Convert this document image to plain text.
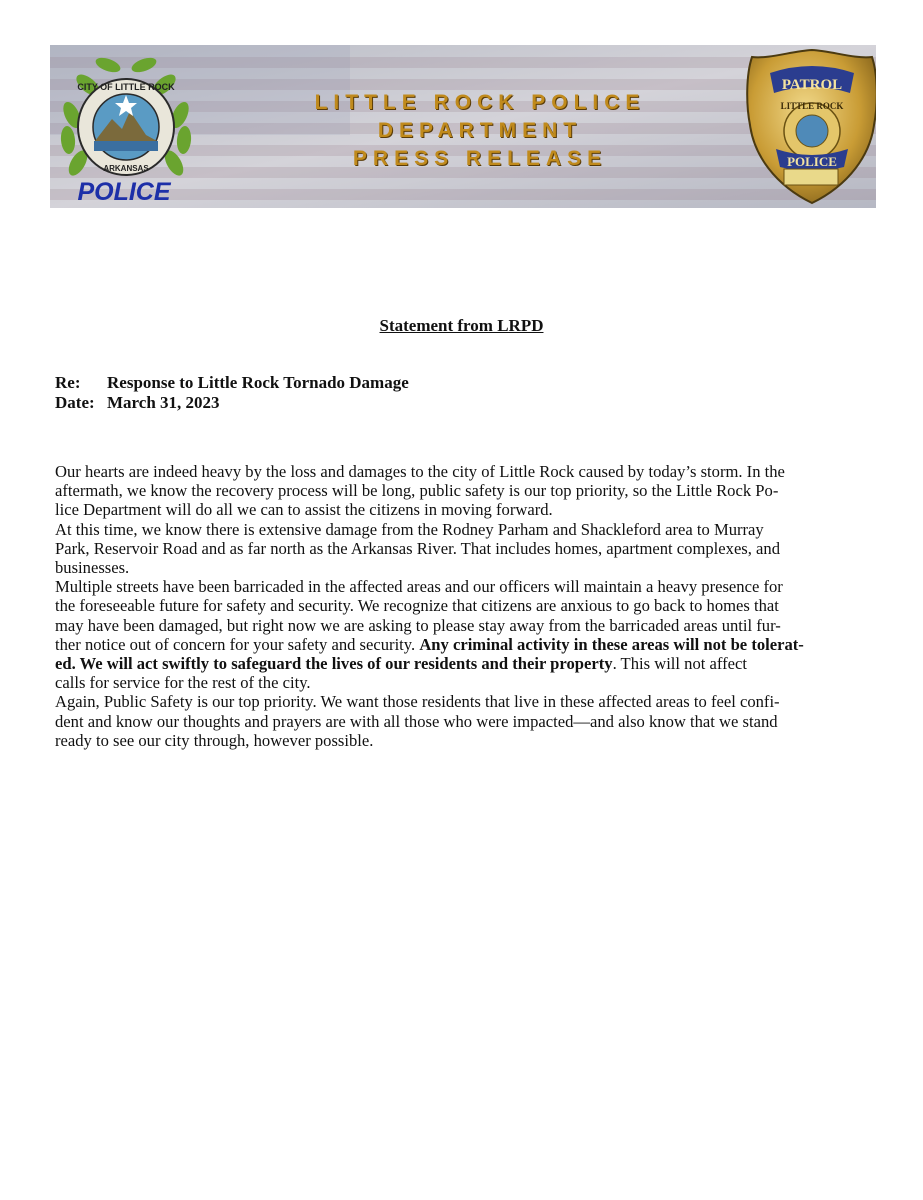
CITY OF LITTLE ROCK
ARKANSAS
POLICE
PATROL
LITTLE ROCK
POLICE
LITTLE ROCK POLICE
DEPARTMENT
PRESS RELEASE
Statement from LRPD
Re: Response to Little Rock Tornado Damage
Date: March 31, 2023

Our hearts are indeed heavy by the loss and damages to the city of Little Rock caused by today’s storm. In the

aftermath, we know the recovery process will be long, public safety is our top priority, so the Little Rock Po-

lice Department will do all we can to assist the citizens in moving forward.

At this time, we know there is extensive damage from the Rodney Parham and Shackleford area to Murray

Park, Reservoir Road and as far north as the Arkansas River. That includes homes, apartment complexes, and

businesses.

Multiple streets have been barricaded in the affected areas and our officers will maintain a heavy presence for

the foreseeable future for safety and security. We recognize that citizens are anxious to go back to homes that

may have been damaged, but right now we are asking to please stay away from the barricaded areas until fur-

ther notice out of concern for your safety and security. Any criminal activity in these areas will not be tolerat-

ed. We will act swiftly to safeguard the lives of our residents and their property. This will not affect

calls for service for the rest of the city.

Again, Public Safety is our top priority. We want those residents that live in these affected areas to feel confi-

dent and know our thoughts and prayers are with all those who were impacted—and also know that we stand

ready to see our city through, however possible.
